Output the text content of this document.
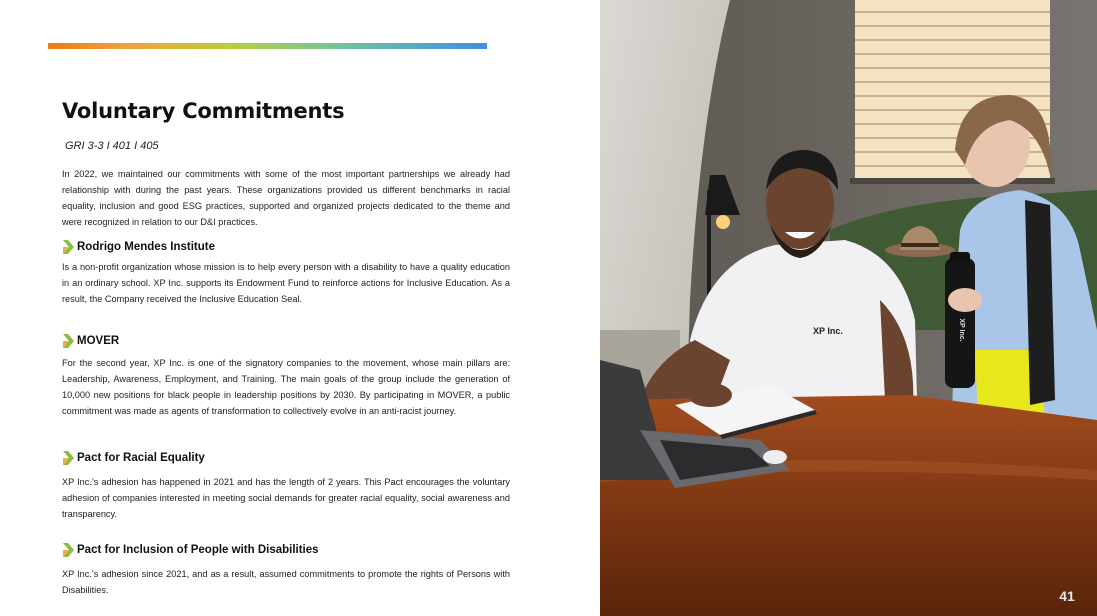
Voluntary Commitments
GRI 3-3 I 401 I 405

In 2022, we maintained our commitments with some of the most important partnerships we already had relationship with during the past years. These organizations provided us different benchmarks in racial equality, inclusion and good ESG practices, supported and organized projects dedicated to the theme and were recognized in relation to our D&I practices.

Rodrigo Mendes Institute

Is a non-profit organization whose mission is to help every person with a disability to have a quality education in an ordinary school. XP Inc. supports its Endowment Fund to reinforce actions for Inclusive Education. As a result, the Company received the Inclusive Education Seal.

MOVER

For the second year, XP Inc. is one of the signatory companies to the movement, whose main pillars are: Leadership, Awareness, Employment, and Training. The main goals of the group include the generation of 10,000 new positions for black people in leadership positions by 2030. By participating in MOVER, a public commitment was made as agents of transformation to collectively evolve in an anti-racist journey.

Pact for Racial Equality

XP Inc.'s adhesion has happened in 2021 and has the length of 2 years. This Pact encourages the voluntary adhesion of companies interested in meeting social demands for greater racial equality, social awareness and transparency.

Pact for Inclusion of People with Disabilities

XP Inc.'s adhesion since 2021, and as a result, assumed commitments to promote the rights of Persons with Disabilities.

XP Inc.	XP Inc.
41
